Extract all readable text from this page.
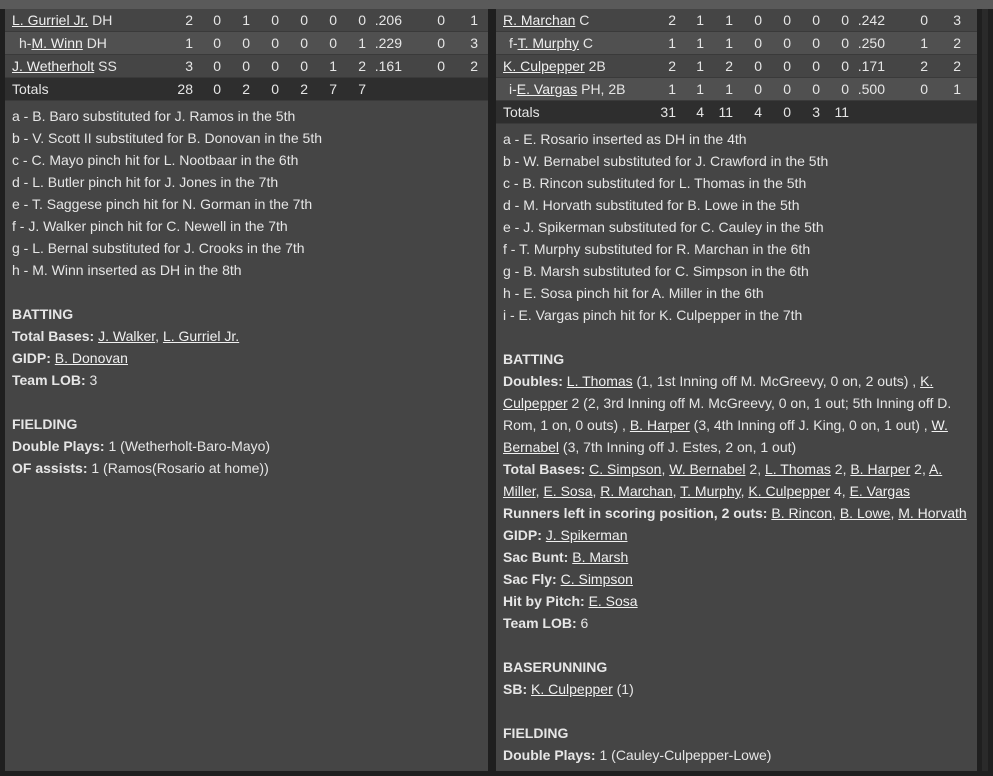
L. Gurriel Jr. DH	2 0 1 0 0 0 0 .206	0 1
h-M. Winn DH	1 0 0 0 0 0 1 .229	0 3
J. Wetherholt SS	3 0 0 0 0 1 2 .161	0 2
Totals	28 0 2 0 2 7 7
a - B. Baro substituted for J. Ramos in the 5th
b - V. Scott II substituted for B. Donovan in the 5th
c - C. Mayo pinch hit for L. Nootbaar in the 6th
d - L. Butler pinch hit for J. Jones in the 7th
e - T. Saggese pinch hit for N. Gorman in the 7th
f - J. Walker pinch hit for C. Newell in the 7th
g - L. Bernal substituted for J. Crooks in the 7th
h - M. Winn inserted as DH in the 8th
BATTING
Total Bases: J. Walker, L. Gurriel Jr.
GIDP: B. Donovan
Team LOB: 3
FIELDING
Double Plays: 1 (Wetherholt-Baro-Mayo)
OF assists: 1 (Ramos(Rosario at home))
R. Marchan C	2 1 1 0 0 0 0 .242	0 3
f-T. Murphy C	1 1 1 0 0 0 0 .250	1 2
K. Culpepper 2B	2 1 2 0 0 0 0 .171	2 2
i-E. Vargas PH, 2B	1 1 1 0 0 0 0 .500	0 1
Totals	31 4 11 4 0 3 11
a - E. Rosario inserted as DH in the 4th
b - W. Bernabel substituted for J. Crawford in the 5th
c - B. Rincon substituted for L. Thomas in the 5th
d - M. Horvath substituted for B. Lowe in the 5th
e - J. Spikerman substituted for C. Cauley in the 5th
f - T. Murphy substituted for R. Marchan in the 6th
g - B. Marsh substituted for C. Simpson in the 6th
h - E. Sosa pinch hit for A. Miller in the 6th
i - E. Vargas pinch hit for K. Culpepper in the 7th
BATTING
Doubles: L. Thomas (1, 1st Inning off M. McGreevy, 0 on, 2 outs) , K.
Culpepper 2 (2, 3rd Inning off M. McGreevy, 0 on, 1 out; 5th Inning off D.
Rom, 1 on, 0 outs) , B. Harper (3, 4th Inning off J. King, 0 on, 1 out) , W.
Bernabel (3, 7th Inning off J. Estes, 2 on, 1 out)
Total Bases: C. Simpson, W. Bernabel 2, L. Thomas 2, B. Harper 2, A.
Miller, E. Sosa, R. Marchan, T. Murphy, K. Culpepper 4, E. Vargas
Runners left in scoring position, 2 outs: B. Rincon, B. Lowe, M. Horvath
GIDP: J. Spikerman
Sac Bunt: B. Marsh
Sac Fly: C. Simpson
Hit by Pitch: E. Sosa
Team LOB: 6
BASERUNNING
SB: K. Culpepper (1)
FIELDING
Double Plays: 1 (Cauley-Culpepper-Lowe)
